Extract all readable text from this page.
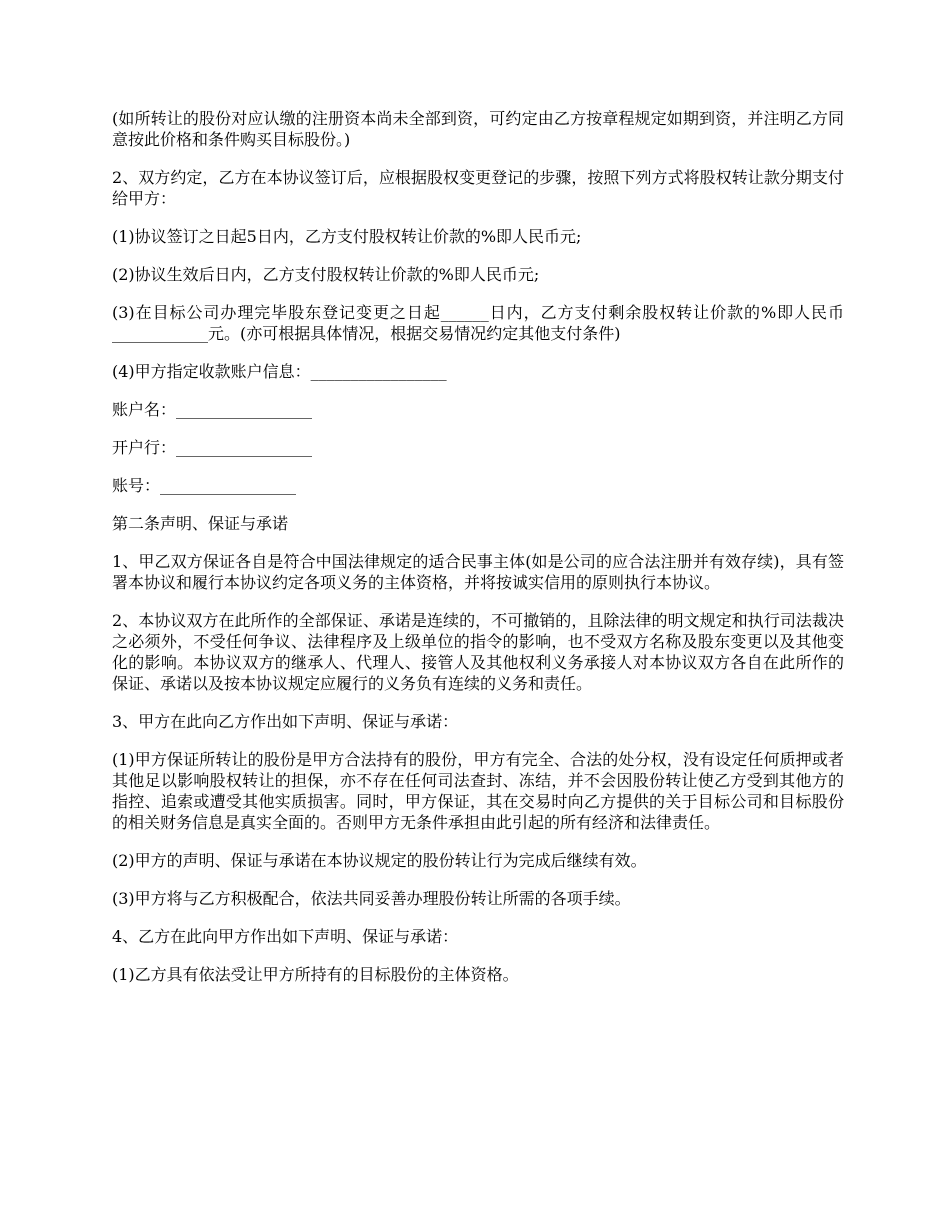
(如所转让的股份对应认缴的注册资本尚未全部到资，可约定由乙方按章程规定如期到资，并注明乙方同意按此价格和条件购买目标股份。)

2、双方约定，乙方在本协议签订后，应根据股权变更登记的步骤，按照下列方式将股权转让款分期支付给甲方：

(1)协议签订之日起5日内，乙方支付股权转让价款的%即人民币元;

(2)协议生效后日内，乙方支付股权转让价款的%即人民币元;

(3)在目标公司办理完毕股东登记变更之日起______日内，乙方支付剩余股权转让价款的%即人民币____________元。(亦可根据具体情况，根据交易情况约定其他支付条件)

(4)甲方指定收款账户信息：_________________

账户名：_________________

开户行：_________________

账号：_________________

第二条声明、保证与承诺

1、甲乙双方保证各自是符合中国法律规定的适合民事主体(如是公司的应合法注册并有效存续)，具有签署本协议和履行本协议约定各项义务的主体资格，并将按诚实信用的原则执行本协议。

2、本协议双方在此所作的全部保证、承诺是连续的，不可撤销的，且除法律的明文规定和执行司法裁决之必须外，不受任何争议、法律程序及上级单位的指令的影响，也不受双方名称及股东变更以及其他变化的影响。本协议双方的继承人、代理人、接管人及其他权利义务承接人对本协议双方各自在此所作的保证、承诺以及按本协议规定应履行的义务负有连续的义务和责任。

3、甲方在此向乙方作出如下声明、保证与承诺：

(1)甲方保证所转让的股份是甲方合法持有的股份，甲方有完全、合法的处分权，没有设定任何质押或者其他足以影响股权转让的担保，亦不存在任何司法查封、冻结，并不会因股份转让使乙方受到其他方的指控、追索或遭受其他实质损害。同时，甲方保证，其在交易时向乙方提供的关于目标公司和目标股份的相关财务信息是真实全面的。否则甲方无条件承担由此引起的所有经济和法律责任。

(2)甲方的声明、保证与承诺在本协议规定的股份转让行为完成后继续有效。

(3)甲方将与乙方积极配合，依法共同妥善办理股份转让所需的各项手续。

4、乙方在此向甲方作出如下声明、保证与承诺：

(1)乙方具有依法受让甲方所持有的目标股份的主体资格。
